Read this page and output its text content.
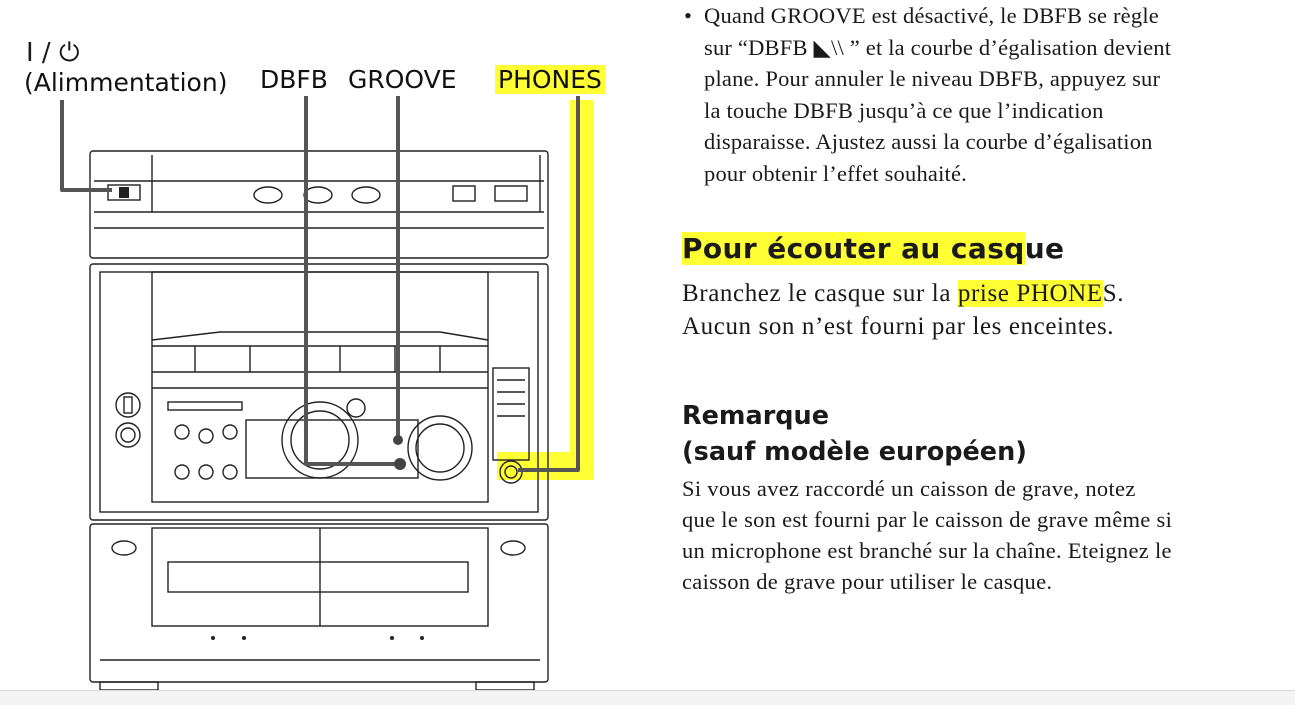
I / ⏻
(Alimmentation) DBFB GROOVE PHONES
• Quand GROOVE est désactivé, le DBFB se règle
sur “DBFB ◣\\ ” et la courbe d’égalisation devient
plane. Pour annuler le niveau DBFB, appuyez sur
la touche DBFB jusqu’à ce que l’indication
disparaisse. Ajustez aussi la courbe d’égalisation
pour obtenir l’effet souhaité.
Pour écouter au casque

Branchez le casque sur la prise PHONES.
Aucun son n’est fourni par les enceintes.

Remarque
(sauf modèle européen)

Si vous avez raccordé un caisson de grave, notez
que le son est fourni par le caisson de grave même si
un microphone est branché sur la chaîne. Eteignez le
caisson de grave pour utiliser le casque.
